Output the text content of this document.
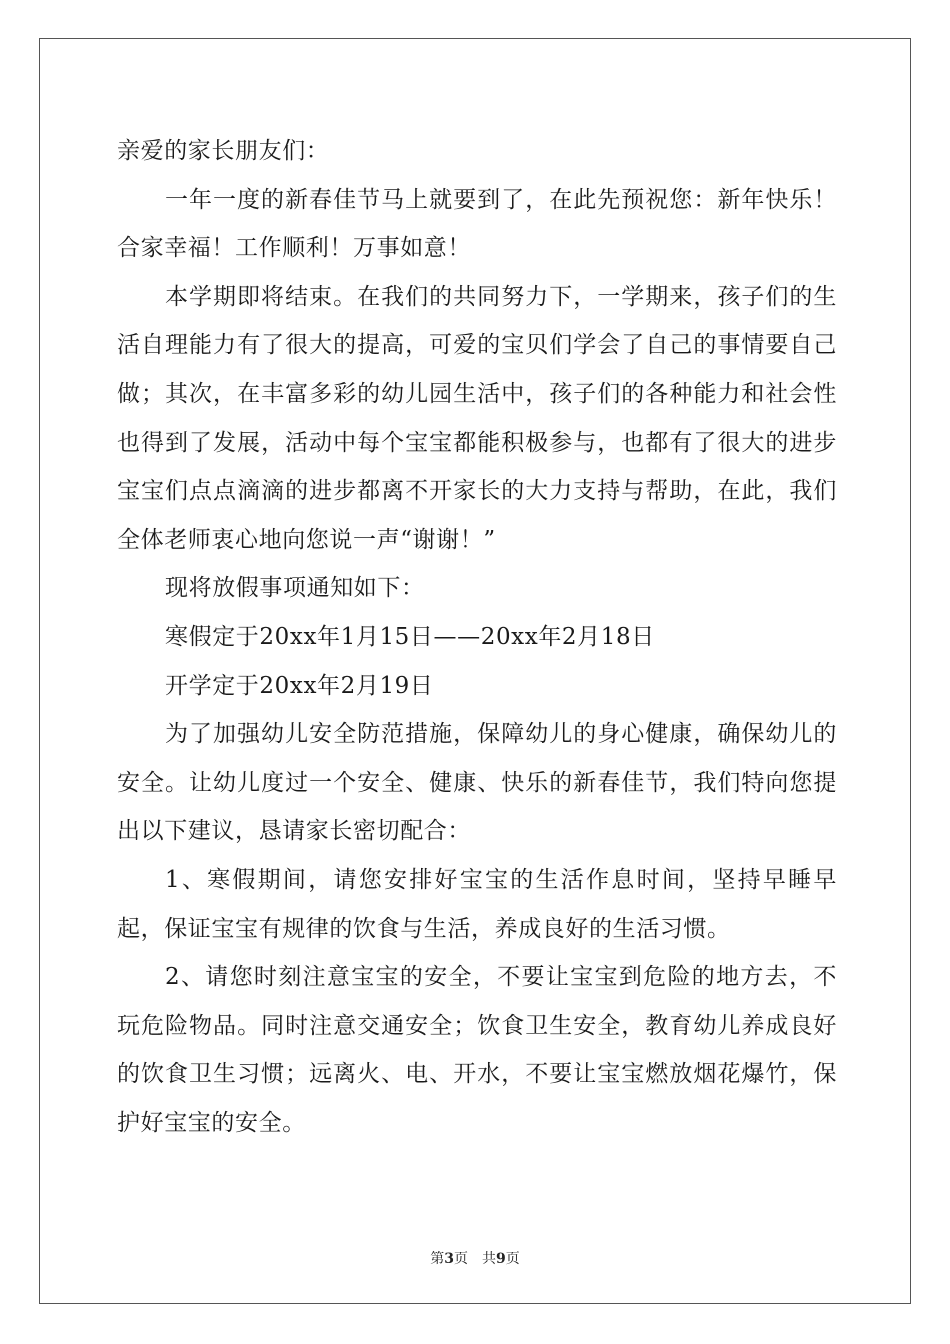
亲爱的家长朋友们：

一年一度的新春佳节马上就要到了，在此先预祝您：新年快乐！合家幸福！工作顺利！万事如意！

本学期即将结束。在我们的共同努力下，一学期来，孩子们的生活自理能力有了很大的提高，可爱的宝贝们学会了自己的事情要自己做；其次，在丰富多彩的幼儿园生活中，孩子们的各种能力和社会性也得到了发展，活动中每个宝宝都能积极参与，也都有了很大的进步宝宝们点点滴滴的进步都离不开家长的大力支持与帮助，在此，我们全体老师衷心地向您说一声“谢谢！”

现将放假事项通知如下：

寒假定于20xx年1月15日——20xx年2月18日

开学定于20xx年2月19日

为了加强幼儿安全防范措施，保障幼儿的身心健康，确保幼儿的安全。让幼儿度过一个安全、健康、快乐的新春佳节，我们特向您提出以下建议，恳请家长密切配合：

1、寒假期间，请您安排好宝宝的生活作息时间，坚持早睡早起，保证宝宝有规律的饮食与生活，养成良好的生活习惯。

2、请您时刻注意宝宝的安全，不要让宝宝到危险的地方去，不玩危险物品。同时注意交通安全；饮食卫生安全，教育幼儿养成良好的饮食卫生习惯；远离火、电、开水，不要让宝宝燃放烟花爆竹，保护好宝宝的安全。

第3页　共9页
